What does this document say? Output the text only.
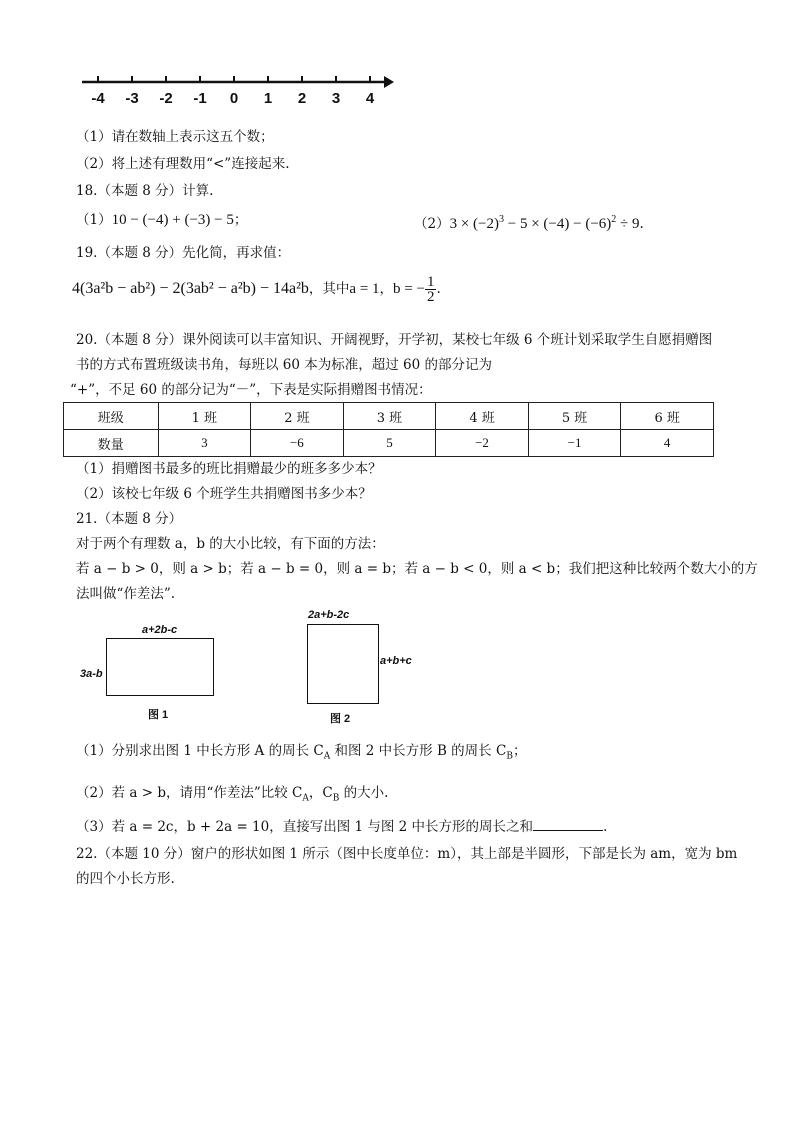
-4	-3	-2	-1	0	1	2	3	4
（1）请在数轴上表示这五个数；
（2）将上述有理数用“<”连接起来.
18.（本题 8 分）计算.
（1）10 − (−4) + (−3) − 5；	$(2)3 \times (-2)^3 - 5 \times (-4) - (-6)^2 \div 9$.
19.（本题 8 分）先化简，再求值：
4(3a²b − ab²) − 2(3ab² − a²b) − 14a²b，其中a = 1，b = − $\frac{1}{2}$ .
20.（本题 8 分）课外阅读可以丰富知识、开阔视野，开学初，某校七年级 6 个班计划采取学生自愿捐赠图
书的方式布置班级读书角，每班以 60 本为标准，超过 60 的部分记为
“+”，不足 60 的部分记为“－”，下表是实际捐赠图书情况：
班级	1 班	2 班	3 班	4 班	5 班	6 班
数量	3	−6	5	−2	−1	4
（1）捐赠图书最多的班比捐赠最少的班多多少本？
（2）该校七年级 6 个班学生共捐赠图书多少本？
21.（本题 8 分）
对于两个有理数 a，b 的大小比较，有下面的方法：
若 a − b > 0，则 a > b；若 a − b = 0，则 a = b；若 a − b < 0，则 a < b；我们把这种比较两个数大小的方
法叫做“作差法”.
a+2b-c
3a-b
图 1
2a+b-2c
a+b+c
图 2
（1）分别求出图 1 中长方形 A 的周长 $C_A$ 和图 2 中长方形 B 的周长 $C_B$；
（2）若 a > b，请用“作差法”比较 $C_A$，$C_B$ 的大小.
（3）若 a = 2c，b + 2a = 10，直接写出图 1 与图 2 中长方形的周长之和	.
22.（本题 10 分）窗户的形状如图 1 所示（图中长度单位：m），其上部是半圆形，下部是长为 am，宽为 bm
的四个小长方形.
